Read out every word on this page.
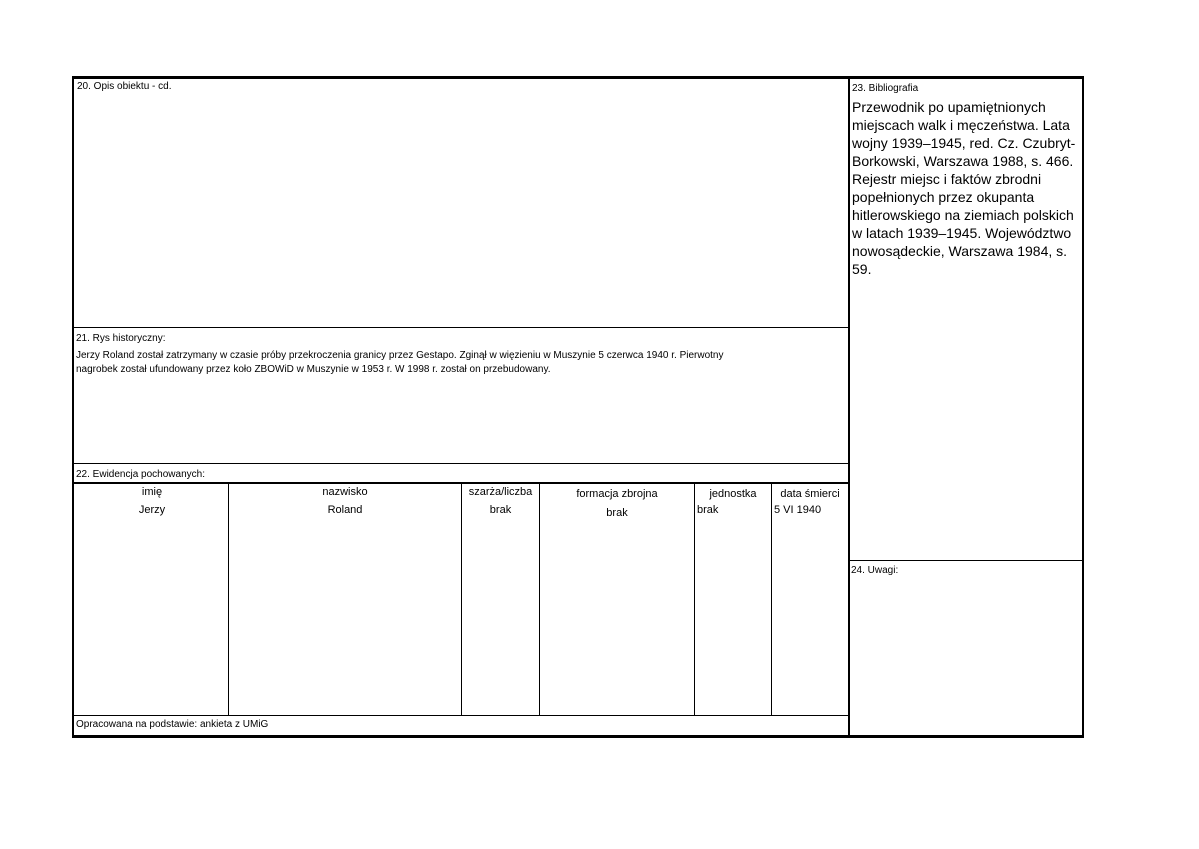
20. Opis obiektu - cd.
21. Rys historyczny:
Jerzy Roland został zatrzymany w czasie próby przekroczenia granicy przez Gestapo. Zginął w więzieniu w Muszynie 5 czerwca 1940 r. Pierwotny
nagrobek został ufundowany przez koło ZBOWiD w Muszynie w 1953 r. W 1998 r. został on przebudowany.
22. Ewidencja pochowanych:
imię	nazwisko	szarża/liczba	formacja zbrojna	jednostka	data śmierci
Jerzy	Roland	brak	brak	brak	5 VI 1940
Opracowana na podstawie: ankieta z UMiG
23. Bibliografia
Przewodnik po upamiętnionych
miejscach walk i męczeństwa. Lata
wojny 1939–1945, red. Cz. Czubryt-
Borkowski, Warszawa 1988, s. 466.
Rejestr miejsc i faktów zbrodni
popełnionych przez okupanta
hitlerowskiego na ziemiach polskich
w latach 1939–1945. Województwo
nowosądeckie, Warszawa 1984, s.
59.
24. Uwagi:
